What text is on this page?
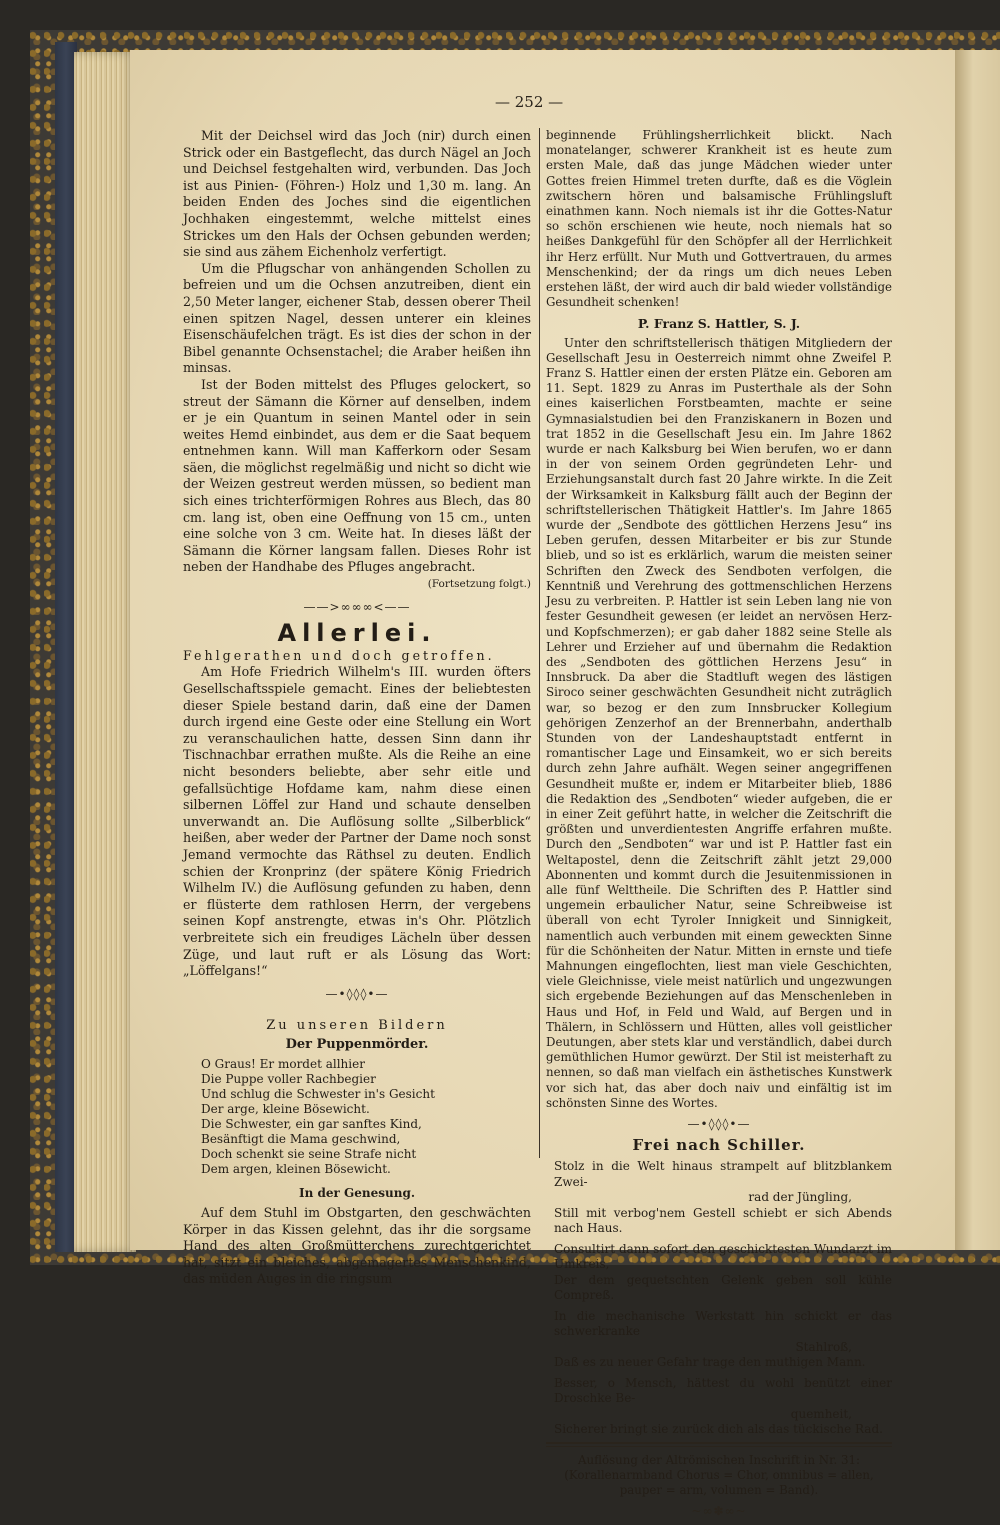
— 252 —

Mit der Deichsel wird das Joch (nir) durch einen Strick oder ein Bastgeflecht, das durch Nägel an Joch und Deichsel festgehalten wird, verbunden. Das Joch ist aus Pinien- (Föhren-) Holz und 1,30 m. lang. An beiden Enden des Joches sind die eigentlichen Jochhaken eingestemmt, welche mittelst eines Strickes um den Hals der Ochsen gebunden werden; sie sind aus zähem Eichenholz verfertigt.

Um die Pflugschar von anhängenden Schollen zu befreien und um die Ochsen anzutreiben, dient ein 2,50 Meter langer, eichener Stab, dessen oberer Theil einen spitzen Nagel, dessen unterer ein kleines Eisenschäufelchen trägt. Es ist dies der schon in der Bibel genannte Ochsenstachel; die Araber heißen ihn minsas.

Ist der Boden mittelst des Pfluges gelockert, so streut der Sämann die Körner auf denselben, indem er je ein Quantum in seinen Mantel oder in sein weites Hemd einbindet, aus dem er die Saat bequem entnehmen kann. Will man Kafferkorn oder Sesam säen, die möglichst regelmäßig und nicht so dicht wie der Weizen gestreut werden müssen, so bedient man sich eines trichterförmigen Rohres aus Blech, das 80 cm. lang ist, oben eine Oeffnung von 15 cm., unten eine solche von 3 cm. Weite hat. In dieses läßt der Sämann die Körner langsam fallen. Dieses Rohr ist neben der Handhabe des Pfluges angebracht.

(Fortsetzung folgt.)
——>∞∞∞<——
Allerlei.

Fehlgerathen und doch getroffen.

Am Hofe Friedrich Wilhelm's III. wurden öfters Gesellschaftsspiele gemacht. Eines der beliebtesten dieser Spiele bestand darin, daß eine der Damen durch irgend eine Geste oder eine Stellung ein Wort zu veranschaulichen hatte, dessen Sinn dann ihr Tischnachbar errathen mußte. Als die Reihe an eine nicht besonders beliebte, aber sehr eitle und gefallsüchtige Hofdame kam, nahm diese einen silbernen Löffel zur Hand und schaute denselben unverwandt an. Die Auflösung sollte „Silberblick“ heißen, aber weder der Partner der Dame noch sonst Jemand vermochte das Räthsel zu deuten. Endlich schien der Kronprinz (der spätere König Friedrich Wilhelm IV.) die Auflösung gefunden zu haben, denn er flüsterte dem rathlosen Herrn, der vergebens seinen Kopf anstrengte, etwas in's Ohr. Plötzlich verbreitete sich ein freudiges Lächeln über dessen Züge, und laut ruft er als Lösung das Wort: „Löffelgans!“

—•◊◊◊•—
Zu unseren Bildern
Der Puppenmörder.
O Graus! Er mordet allhier
Die Puppe voller Rachbegier
Und schlug die Schwester in's Gesicht
Der arge, kleine Bösewicht.
Die Schwester, ein gar sanftes Kind,
Besänftigt die Mama geschwind,
Doch schenkt sie seine Strafe nicht
Dem argen, kleinen Bösewicht.
In der Genesung.

Auf dem Stuhl im Obstgarten, den geschwächten Körper in das Kissen gelehnt, das ihr die sorgsame Hand des alten Großmütterchens zurechtgerichtet hat, sitzt ein bleiches, abgemagertes Menschenkind, das müden Auges in die ringsum

beginnende Frühlingsherrlichkeit blickt. Nach monatelanger, schwerer Krankheit ist es heute zum ersten Male, daß das junge Mädchen wieder unter Gottes freien Himmel treten durfte, daß es die Vöglein zwitschern hören und balsamische Frühlingsluft einathmen kann. Noch niemals ist ihr die Gottes-Natur so schön erschienen wie heute, noch niemals hat so heißes Dankgefühl für den Schöpfer all der Herrlichkeit ihr Herz erfüllt. Nur Muth und Gottvertrauen, du armes Menschenkind; der da rings um dich neues Leben erstehen läßt, der wird auch dir bald wieder vollständige Gesundheit schenken!

P. Franz S. Hattler, S. J.

Unter den schriftstellerisch thätigen Mitgliedern der Gesellschaft Jesu in Oesterreich nimmt ohne Zweifel P. Franz S. Hattler einen der ersten Plätze ein. Geboren am 11. Sept. 1829 zu Anras im Pusterthale als der Sohn eines kaiserlichen Forstbeamten, machte er seine Gymnasialstudien bei den Franziskanern in Bozen und trat 1852 in die Gesellschaft Jesu ein. Im Jahre 1862 wurde er nach Kalksburg bei Wien berufen, wo er dann in der von seinem Orden gegründeten Lehr- und Erziehungsanstalt durch fast 20 Jahre wirkte. In die Zeit der Wirksamkeit in Kalksburg fällt auch der Beginn der schriftstellerischen Thätigkeit Hattler's. Im Jahre 1865 wurde der „Sendbote des göttlichen Herzens Jesu“ ins Leben gerufen, dessen Mitarbeiter er bis zur Stunde blieb, und so ist es erklärlich, warum die meisten seiner Schriften den Zweck des Sendboten verfolgen, die Kenntniß und Verehrung des gottmenschlichen Herzens Jesu zu verbreiten. P. Hattler ist sein Leben lang nie von fester Gesundheit gewesen (er leidet an nervösen Herz- und Kopfschmerzen); er gab daher 1882 seine Stelle als Lehrer und Erzieher auf und übernahm die Redaktion des „Sendboten des göttlichen Herzens Jesu“ in Innsbruck. Da aber die Stadtluft wegen des lästigen Siroco seiner geschwächten Gesundheit nicht zuträglich war, so bezog er den zum Innsbrucker Kollegium gehörigen Zenzerhof an der Brennerbahn, anderthalb Stunden von der Landeshauptstadt entfernt in romantischer Lage und Einsamkeit, wo er sich bereits durch zehn Jahre aufhält. Wegen seiner angegriffenen Gesundheit mußte er, indem er Mitarbeiter blieb, 1886 die Redaktion des „Sendboten“ wieder aufgeben, die er in einer Zeit geführt hatte, in welcher die Zeitschrift die größten und unverdientesten Angriffe erfahren mußte. Durch den „Sendboten“ war und ist P. Hattler fast ein Weltapostel, denn die Zeitschrift zählt jetzt 29,000 Abonnenten und kommt durch die Jesuitenmissionen in alle fünf Welttheile. Die Schriften des P. Hattler sind ungemein erbaulicher Natur, seine Schreibweise ist überall von echt Tyroler Innigkeit und Sinnigkeit, namentlich auch verbunden mit einem geweckten Sinne für die Schönheiten der Natur. Mitten in ernste und tiefe Mahnungen eingeflochten, liest man viele Geschichten, viele Gleichnisse, viele meist natürlich und ungezwungen sich ergebende Beziehungen auf das Menschenleben in Haus und Hof, in Feld und Wald, auf Bergen und in Thälern, in Schlössern und Hütten, alles voll geistlicher Deutungen, aber stets klar und verständlich, dabei durch gemüthlichen Humor gewürzt. Der Stil ist meisterhaft zu nennen, so daß man vielfach ein ästhetisches Kunstwerk vor sich hat, das aber doch naiv und einfältig ist im schönsten Sinne des Wortes.

—•◊◊◊•—
Frei nach Schiller.
Stolz in die Welt hinaus strampelt auf blitzblankem Zwei-
rad der Jüngling,
Still mit verbog'nem Gestell schiebt er sich Abends nach Haus.
Consultirt dann sofort den geschicktesten Wundarzt im Umkreis,
Der dem gequetschten Gelenk geben soll kühle Compreß.
In die mechanische Werkstatt hin schickt er das schwerkranke
Stahlroß,
Daß es zu neuer Gefahr trage den muthigen Mann.
Besser, o Mensch, hättest du wohl benützt einer Droschke Be-
quemheit,
Sicherer bringt sie zurück dich als das tückische Rad.
Auflösung der Altrömischen Inschrift in Nr. 31: (Korallenarmband Chorus = Chor, omnibus = allen, pauper = arm, volumen = Band).
~∞✽∞~
